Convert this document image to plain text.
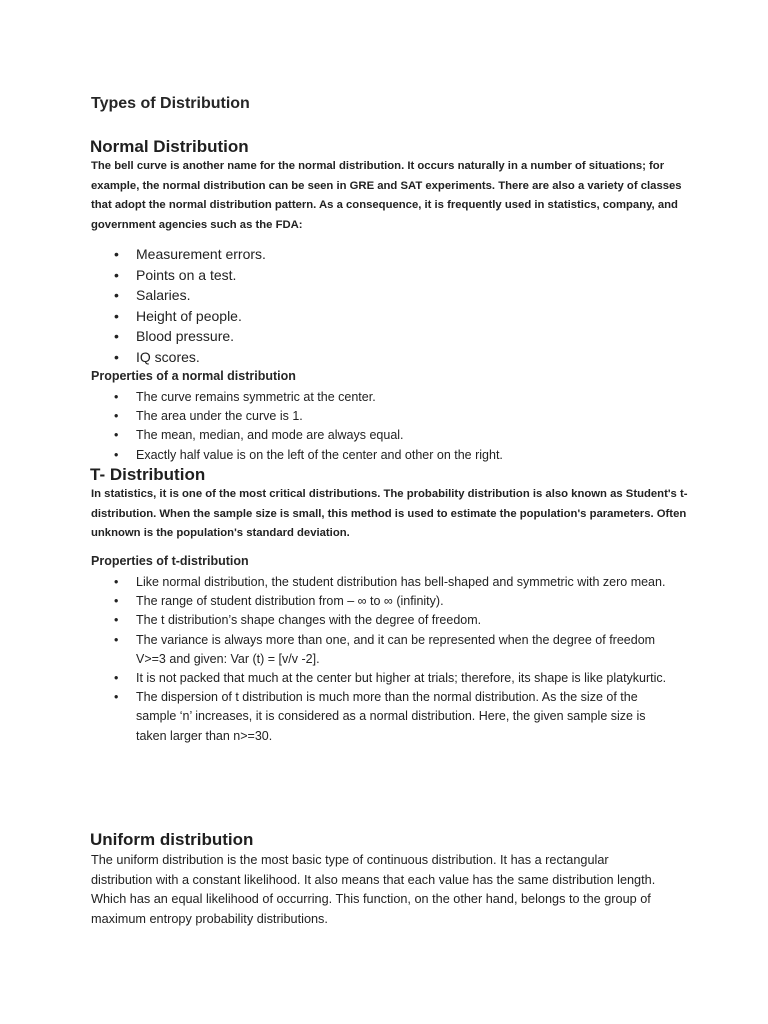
Types of Distribution
Normal Distribution

The bell curve is another name for the normal distribution. It occurs naturally in a number of situations; for example, the normal distribution can be seen in GRE and SAT experiments. There are also a variety of classes that adopt the normal distribution pattern. As a consequence, it is frequently used in statistics, company, and government agencies such as the FDA:

• Measurement errors.
• Points on a test.
• Salaries.
• Height of people.
• Blood pressure.
• IQ scores.
Properties of a normal distribution
• The curve remains symmetric at the center.
• The area under the curve is 1.
• The mean, median, and mode are always equal.
• Exactly half value is on the left of the center and other on the right.
T- Distribution

In statistics, it is one of the most critical distributions. The probability distribution is also known as Student's t- distribution. When the sample size is small, this method is used to estimate the population's parameters. Often unknown is the population's standard deviation.

Properties of t-distribution
• Like normal distribution, the student distribution has bell-shaped and symmetric with zero mean.
• The range of student distribution from – ∞ to ∞ (infinity).
• The t distribution’s shape changes with the degree of freedom.
• The variance is always more than one, and it can be represented when the degree of freedom V>=3 and given: Var (t) = [v/v -2].
• It is not packed that much at the center but higher at trials; therefore, its shape is like platykurtic.
• The dispersion of t distribution is much more than the normal distribution. As the size of the sample ‘n’ increases, it is considered as a normal distribution. Here, the given sample size is taken larger than n>=30.
Uniform distribution

The uniform distribution is the most basic type of continuous distribution. It has a rectangular distribution with a constant likelihood. It also means that each value has the same distribution length. Which has an equal likelihood of occurring. This function, on the other hand, belongs to the group of maximum entropy probability distributions.
